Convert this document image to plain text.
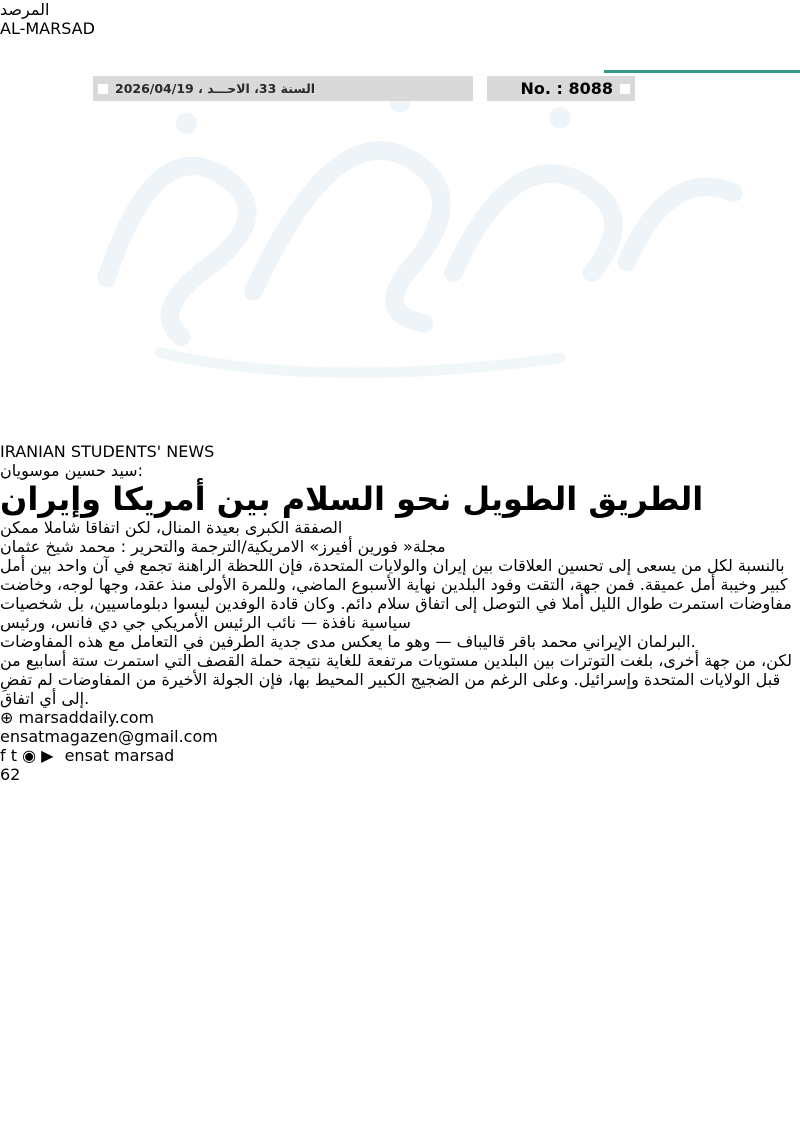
السنة 33، الاحـــد ، 2026/04/19	No. : 8088
المرصد
AL-MARSAD
IRANIAN STUDENTS' NEWS
سيد حسين موسويان:
الطريق الطويل نحو السلام بين أمريكا وإيران
الصفقة الكبرى بعيدة المنال، لكن اتفاقا شاملا ممكن
مجلة« فورين أفيرز» الامريكية/الترجمة والتحرير : محمد شيخ عثمان

بالنسبة لكل من يسعى إلى تحسين العلاقات بين إيران والولايات المتحدة، فإن اللحظة الراهنة تجمع في آن واحد بين أمل كبير وخيبة أمل عميقة. فمن جهة، التقت وفود البلدين نهاية الأسبوع الماضي، وللمرة الأولى منذ عقد، وجها لوجه، وخاضت مفاوضات استمرت طوال الليل أملا في التوصل إلى اتفاق سلام دائم. وكان قادة الوفدين ليسوا دبلوماسيين، بل شخصيات سياسية نافذة — نائب الرئيس الأمريكي جي دي فانس، ورئيس

البرلمان الإيراني محمد باقر قاليباف — وهو ما يعكس مدى جدية الطرفين في التعامل مع هذه المفاوضات.

لكن، من جهة أخرى، بلغت التوترات بين البلدين مستويات مرتفعة للغاية نتيجة حملة القصف التي استمرت ستة أسابيع من قبل الولايات المتحدة وإسرائيل. وعلى الرغم من الضجيج الكبير المحيط بها، فإن الجولة الأخيرة من المفاوضات لم تفضِ إلى أي اتفاق.

⊕ marsaddaily.com
ensatmagazen@gmail.com
f t ◉ ▶ ensat marsad
62
